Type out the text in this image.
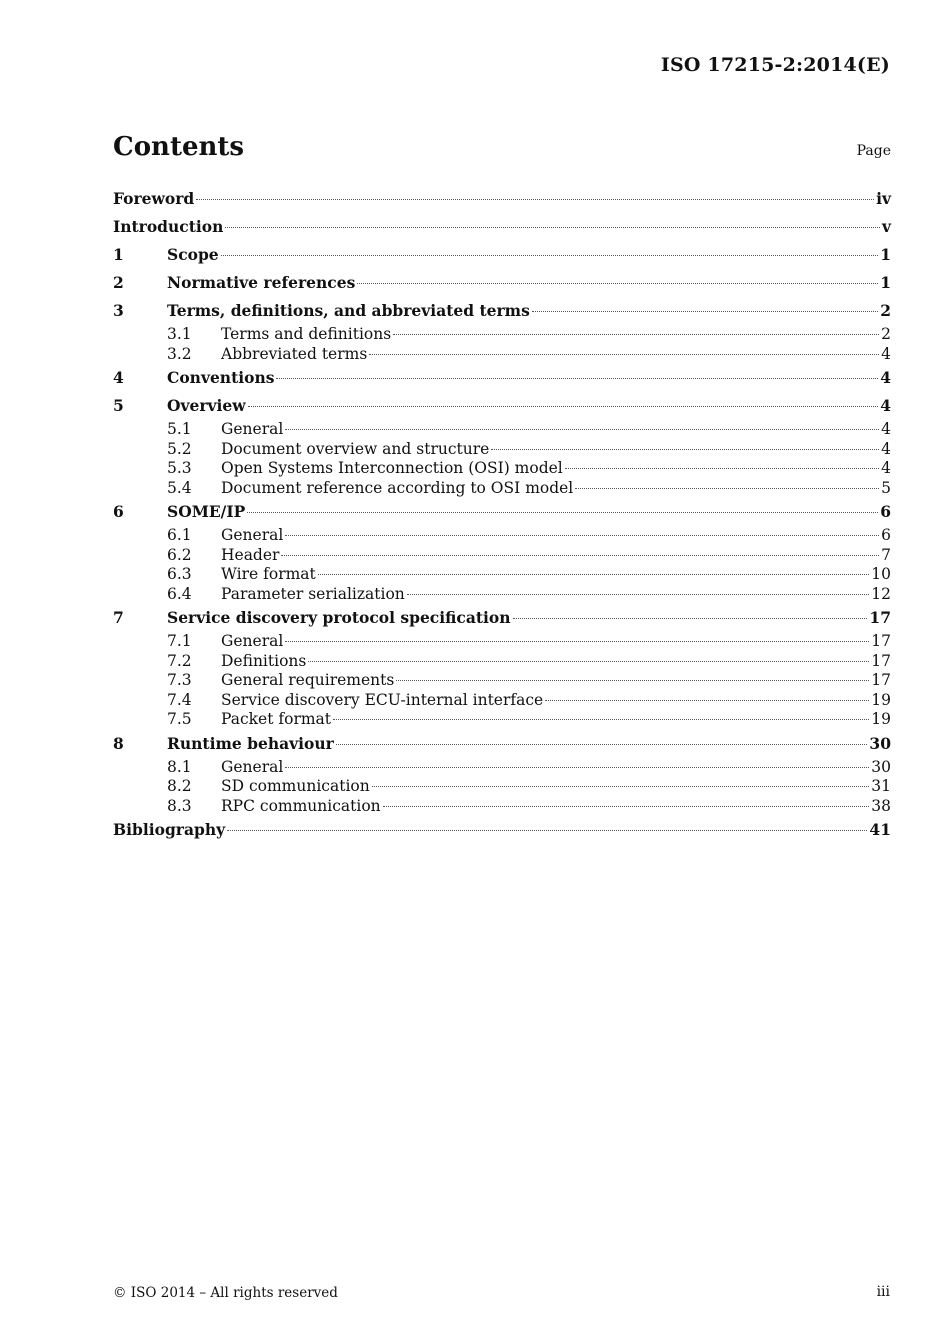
ISO 17215-2:2014(E)
Contents	Page
Foreword	iv
Introduction	v
1	Scope	1
2	Normative references	1
3	Terms, definitions, and abbreviated terms	2
3.1	Terms and definitions	2
3.2	Abbreviated terms	4
4	Conventions	4
5	Overview	4
5.1	General	4
5.2	Document overview and structure	4
5.3	Open Systems Interconnection (OSI) model	4
5.4	Document reference according to OSI model	5
6	SOME/IP	6
6.1	General	6
6.2	Header	7
6.3	Wire format	10
6.4	Parameter serialization	12
7	Service discovery protocol specification	17
7.1	General	17
7.2	Definitions	17
7.3	General requirements	17
7.4	Service discovery ECU-internal interface	19
7.5	Packet format	19
8	Runtime behaviour	30
8.1	General	30
8.2	SD communication	31
8.3	RPC communication	38
Bibliography	41
© ISO 2014 – All rights reserved	iii
